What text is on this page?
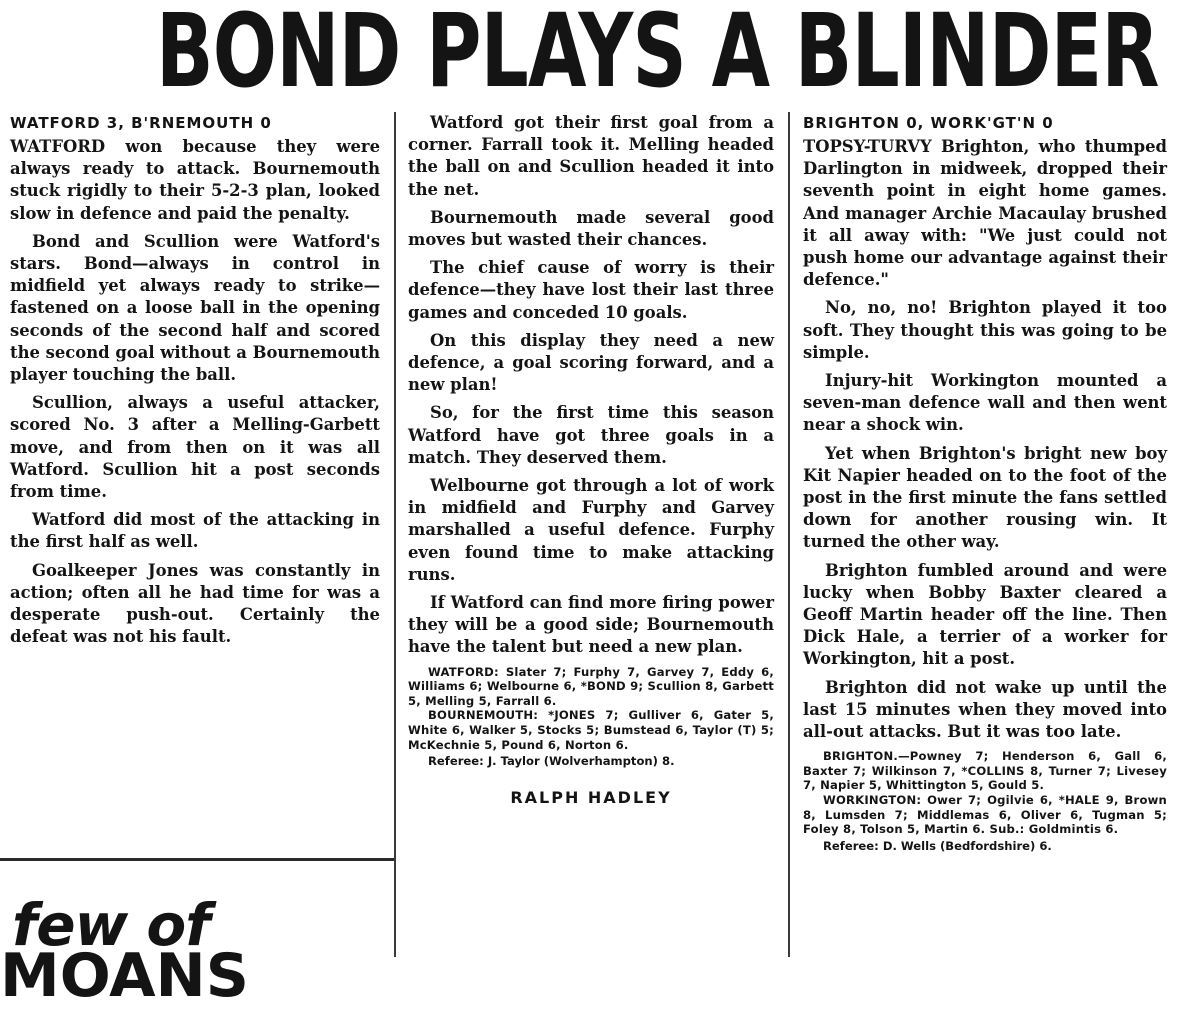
BOND PLAYS A BLINDER
WATFORD 3, B'RNEMOUTH 0

WATFORD won because they were always ready to attack. Bournemouth stuck rigidly to their 5-2-3 plan, looked slow in defence and paid the penalty.

Bond and Scullion were Watford's stars. Bond—always in control in midfield yet always ready to strike—fastened on a loose ball in the opening seconds of the second half and scored the second goal without a Bournemouth player touching the ball.

Scullion, always a useful attacker, scored No. 3 after a Melling-Garbett move, and from then on it was all Watford. Scullion hit a post seconds from time.

Watford did most of the attacking in the first half as well.

Goalkeeper Jones was constantly in action; often all he had time for was a desperate push-out. Certainly the defeat was not his fault.

few of
MOANS

Watford got their first goal from a corner. Farrall took it. Melling headed the ball on and Scullion headed it into the net.

Bournemouth made several good moves but wasted their chances.

The chief cause of worry is their defence—they have lost their last three games and conceded 10 goals.

On this display they need a new defence, a goal scoring forward, and a new plan!

So, for the first time this season Watford have got three goals in a match. They deserved them.

Welbourne got through a lot of work in midfield and Furphy and Garvey marshalled a useful defence. Furphy even found time to make attacking runs.

If Watford can find more firing power they will be a good side; Bournemouth have the talent but need a new plan.

WATFORD: Slater 7; Furphy 7, Garvey 7, Eddy 6, Williams 6; Welbourne 6, *BOND 9; Scullion 8, Garbett 5, Melling 5, Farrall 6.
BOURNEMOUTH: *JONES 7; Gulliver 6, Gater 5, White 6, Walker 5, Stocks 5; Bumstead 6, Taylor (T) 5; McKechnie 5, Pound 6, Norton 6.
Referee: J. Taylor (Wolverhampton) 8.
RALPH HADLEY
BRIGHTON 0, WORK'GT'N 0

TOPSY-TURVY Brighton, who thumped Darlington in midweek, dropped their seventh point in eight home games. And manager Archie Macaulay brushed it all away with: "We just could not push home our advantage against their defence."

No, no, no! Brighton played it too soft. They thought this was going to be simple.

Injury-hit Workington mounted a seven-man defence wall and then went near a shock win.

Yet when Brighton's bright new boy Kit Napier headed on to the foot of the post in the first minute the fans settled down for another rousing win. It turned the other way.

Brighton fumbled around and were lucky when Bobby Baxter cleared a Geoff Martin header off the line. Then Dick Hale, a terrier of a worker for Workington, hit a post.

Brighton did not wake up until the last 15 minutes when they moved into all-out attacks. But it was too late.

BRIGHTON.—Powney 7; Henderson 6, Gall 6, Baxter 7; Wilkinson 7, *COLLINS 8, Turner 7; Livesey 7, Napier 5, Whittington 5, Gould 5.
WORKINGTON: Ower 7; Ogilvie 6, *HALE 9, Brown 8, Lumsden 7; Middlemas 6, Oliver 6, Tugman 5; Foley 8, Tolson 5, Martin 6. Sub.: Goldmintis 6.
Referee: D. Wells (Bedfordshire) 6.
